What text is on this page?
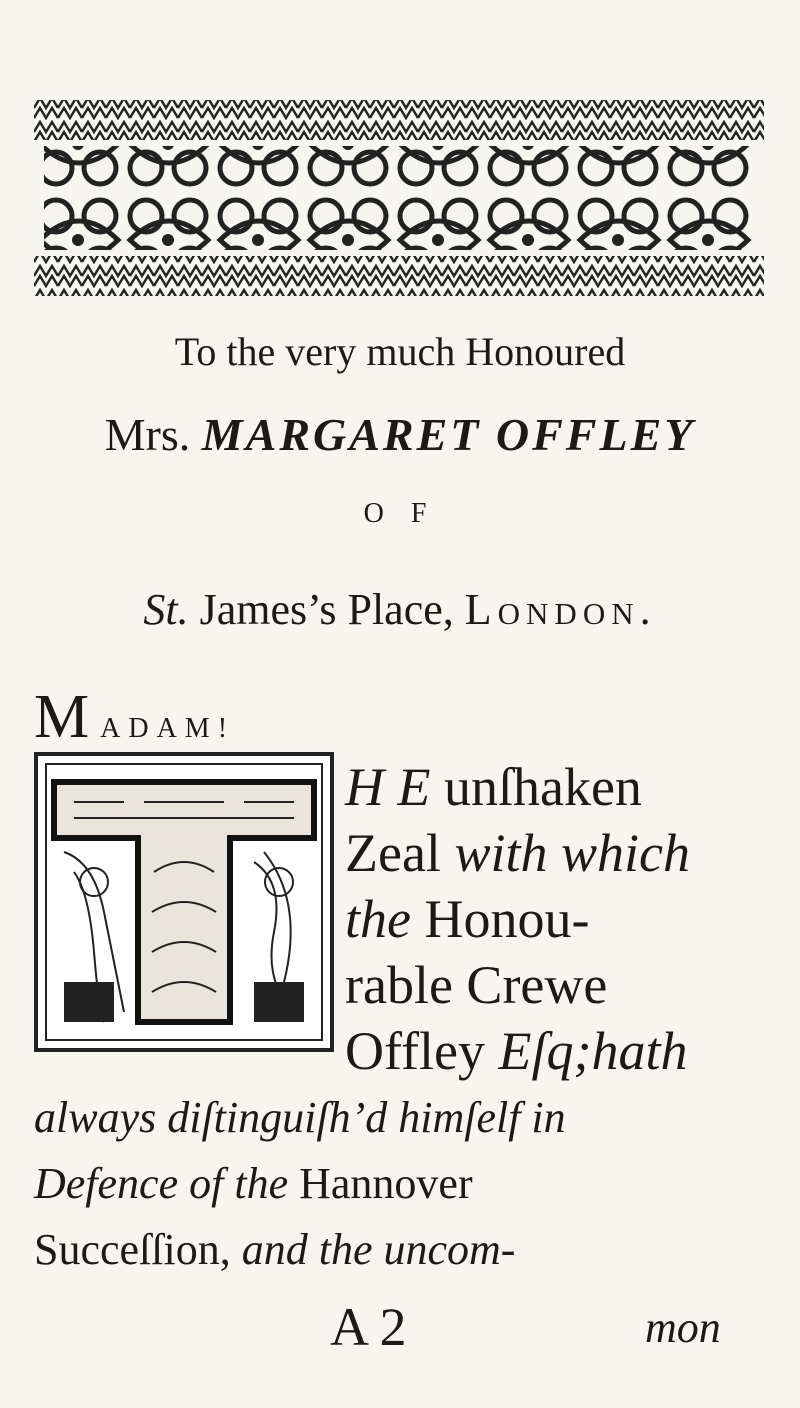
To the very much Honoured
Mrs. MARGARET OFFLEY
O F
St. James’s Place, London.
M ADAM!
H E unſhaken
Zeal with which
the Honou-
rable Crewe
Offley Eſq;hath
always diſtinguiſh’d himſelf in
Defence of the Hannover
Succeſſion, and the uncom-
A 2	mon
